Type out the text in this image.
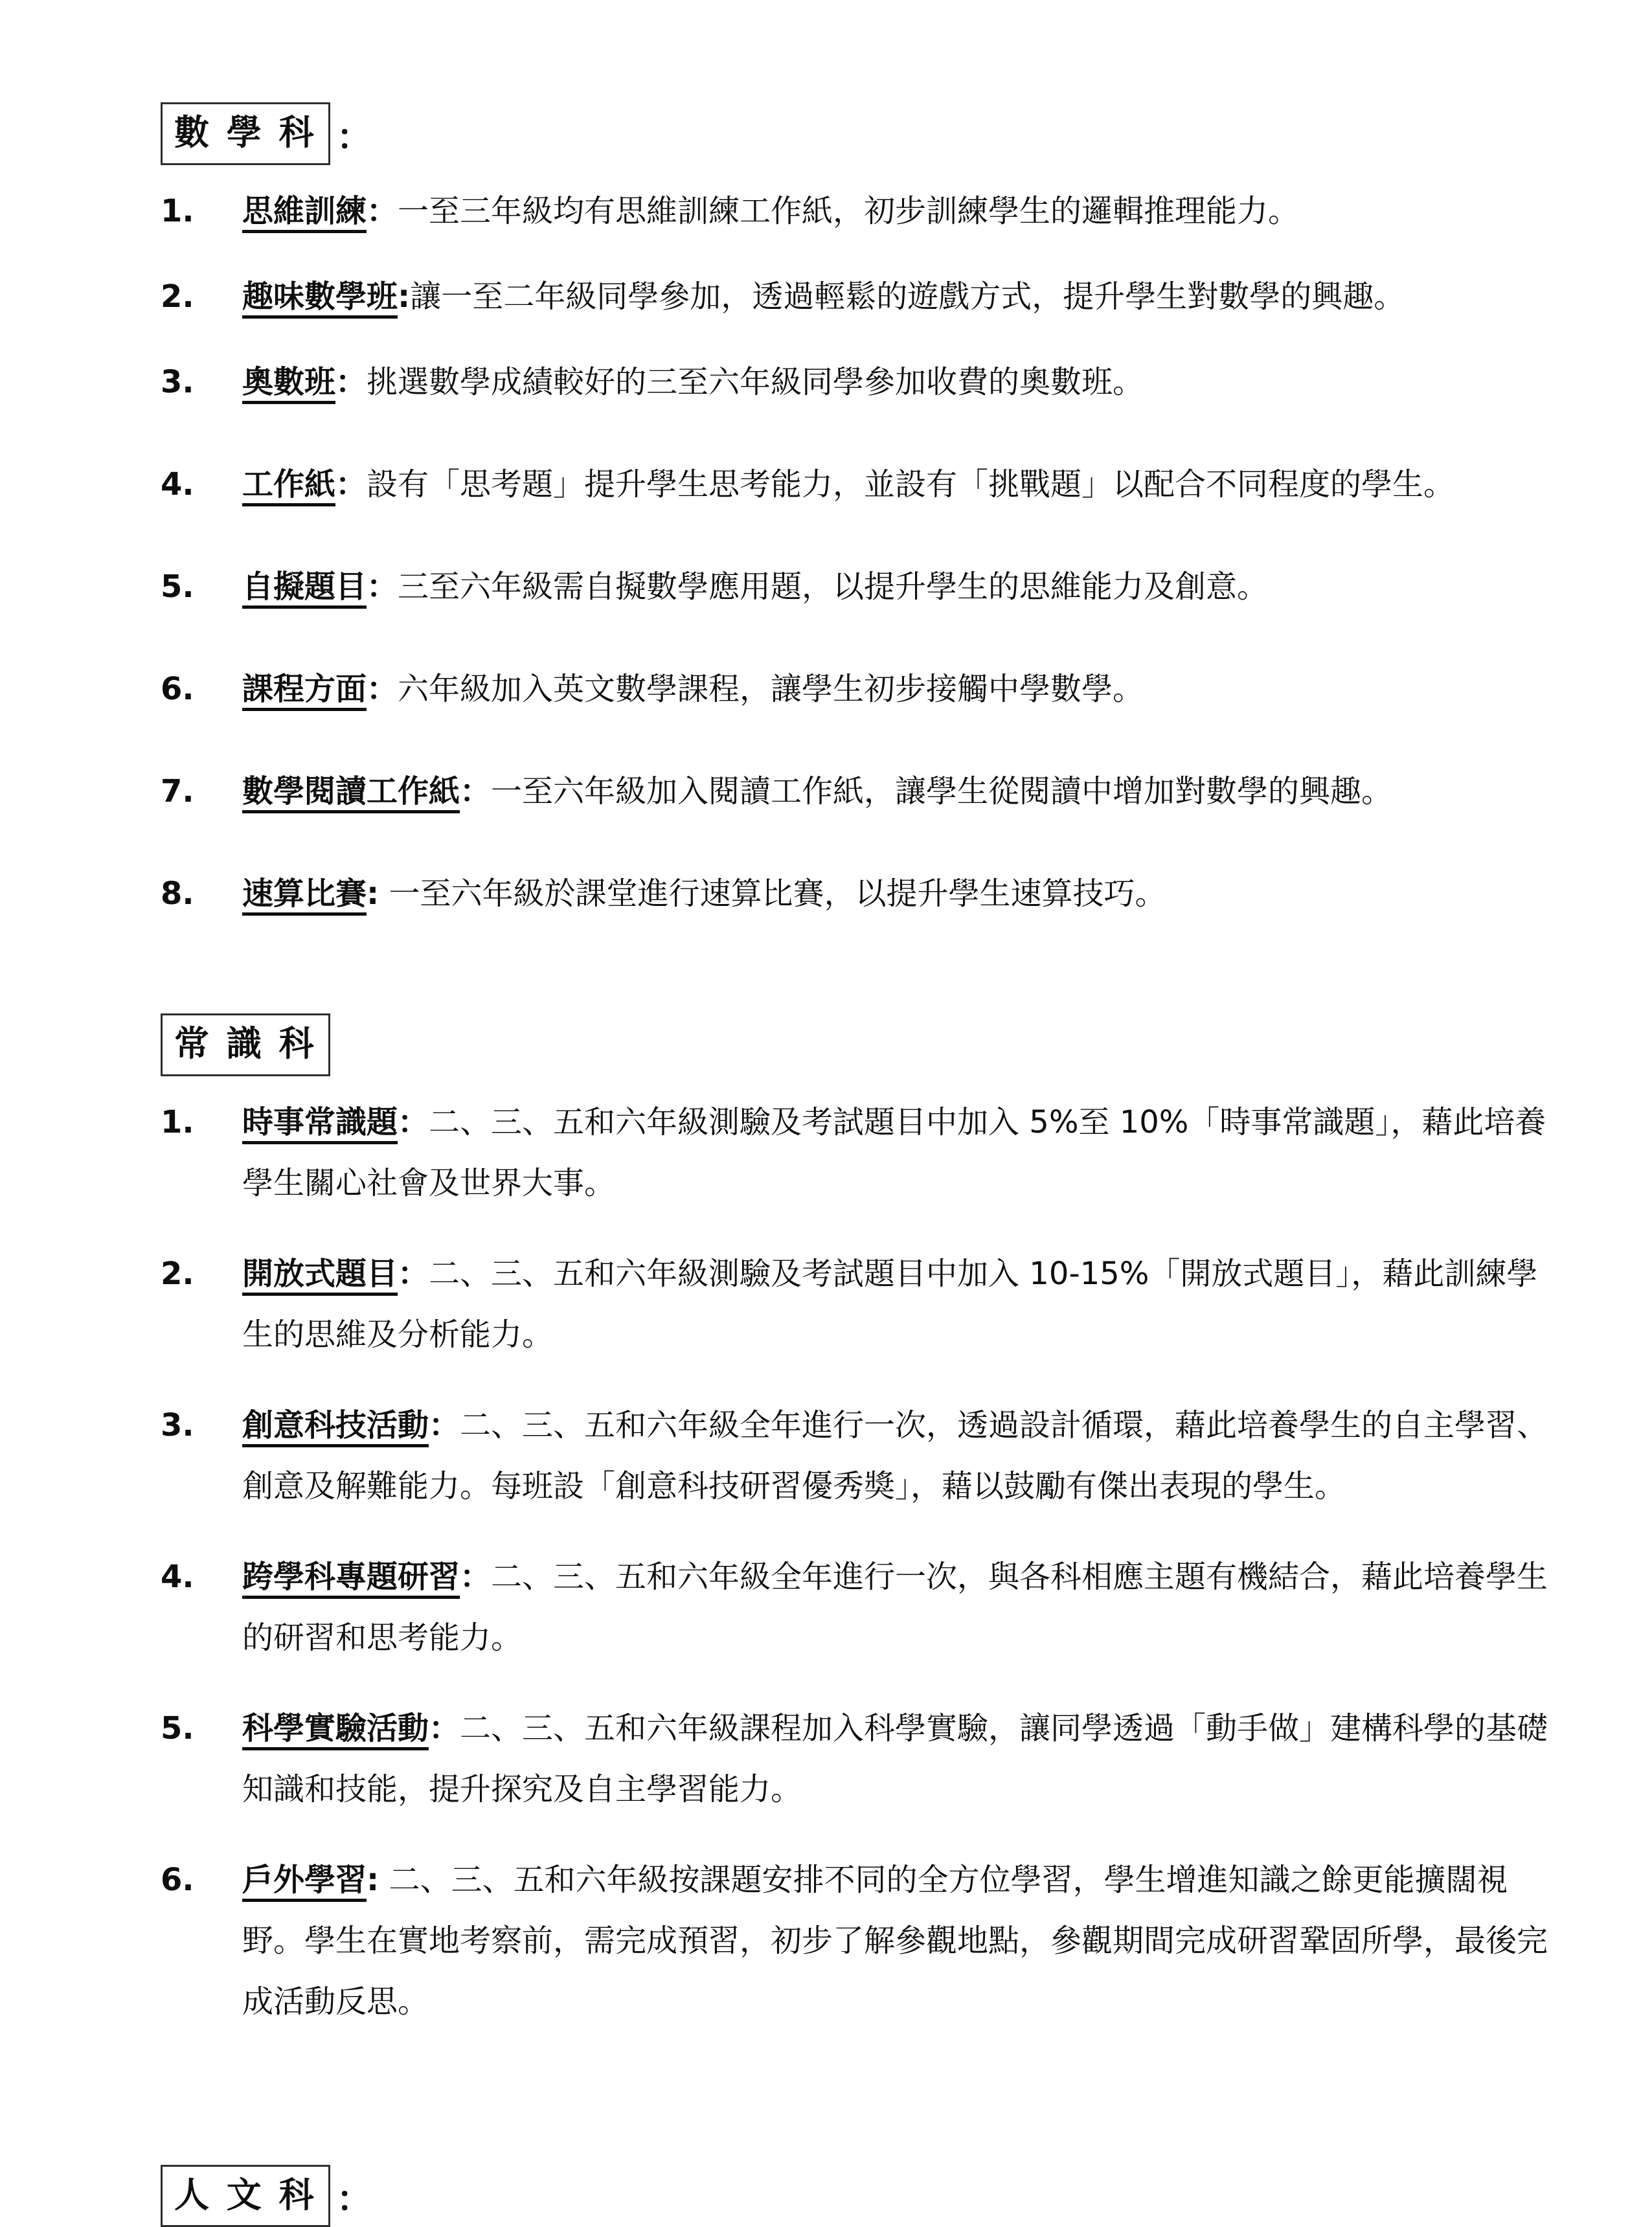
數 學 科 ：
1.	思維訓練：一至三年級均有思維訓練工作紙，初步訓練學生的邏輯推理能力。
2.	趣味數學班:讓一至二年級同學參加，透過輕鬆的遊戲方式，提升學生對數學的興趣。
3.	奧數班：挑選數學成績較好的三至六年級同學參加收費的奧數班。
4.	工作紙：設有「思考題」提升學生思考能力，並設有「挑戰題」以配合不同程度的學生。
5.	自擬題目：三至六年級需自擬數學應用題，以提升學生的思維能力及創意。
6.	課程方面：六年級加入英文數學課程，讓學生初步接觸中學數學。
7.	數學閱讀工作紙：一至六年級加入閱讀工作紙，讓學生從閱讀中增加對數學的興趣。
8.	速算比賽: 一至六年級於課堂進行速算比賽，以提升學生速算技巧。
常 識 科
1.	時事常識題：二、三、五和六年級測驗及考試題目中加入 5%至 10%「時事常識題」，藉此培養學生關心社會及世界大事。
2.	開放式題目：二、三、五和六年級測驗及考試題目中加入 10-15%「開放式題目」，藉此訓練學生的思維及分析能力。
3.	創意科技活動：二、三、五和六年級全年進行一次，透過設計循環，藉此培養學生的自主學習、創意及解難能力。每班設「創意科技研習優秀獎」，藉以鼓勵有傑出表現的學生。
4.	跨學科專題研習：二、三、五和六年級全年進行一次，與各科相應主題有機結合，藉此培養學生的研習和思考能力。
5.	科學實驗活動：二、三、五和六年級課程加入科學實驗，讓同學透過「動手做」建構科學的基礎知識和技能，提升探究及自主學習能力。
6.	戶外學習: 二、三、五和六年級按課題安排不同的全方位學習，學生增進知識之餘更能擴闊視野。學生在實地考察前，需完成預習，初步了解參觀地點，參觀期間完成研習鞏固所學，最後完成活動反思。
人 文 科 ：
